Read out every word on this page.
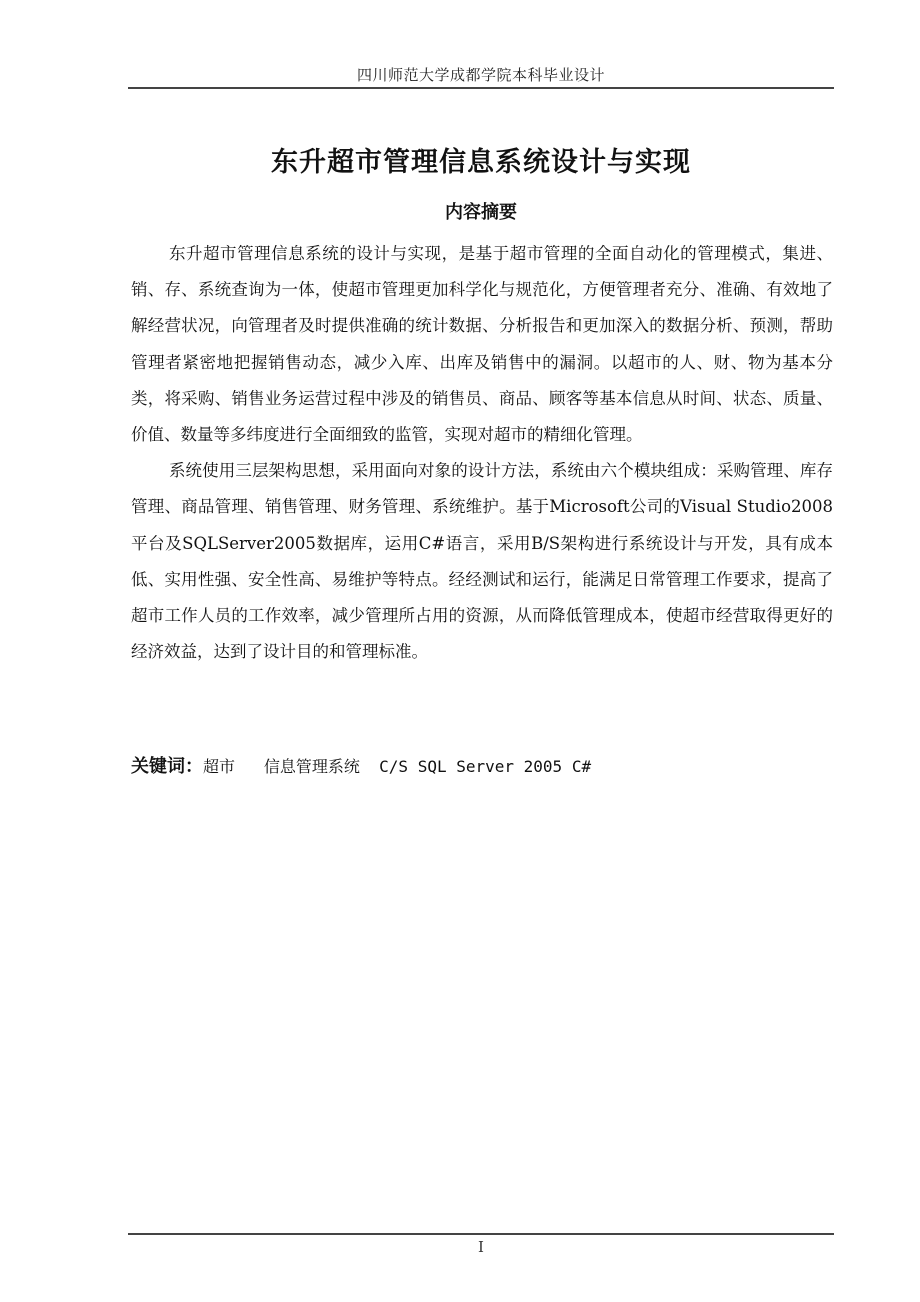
四川师范大学成都学院本科毕业设计
东升超市管理信息系统设计与实现
内容摘要

东升超市管理信息系统的设计与实现，是基于超市管理的全面自动化的管理模式，集进、销、存、系统查询为一体，使超市管理更加科学化与规范化，方便管理者充分、准确、有效地了解经营状况，向管理者及时提供准确的统计数据、分析报告和更加深入的数据分析、预测，帮助管理者紧密地把握销售动态，减少入库、出库及销售中的漏洞。以超市的人、财、物为基本分类，将采购、销售业务运营过程中涉及的销售员、商品、顾客等基本信息从时间、状态、质量、价值、数量等多纬度进行全面细致的监管，实现对超市的精细化管理。

系统使用三层架构思想，采用面向对象的设计方法，系统由六个模块组成：采购管理、库存管理、商品管理、销售管理、财务管理、系统维护。基于Microsoft公司的Visual Studio2008平台及SQLServer2005数据库，运用C#语言，采用B/S架构进行系统设计与开发，具有成本低、实用性强、安全性高、易维护等特点。经经测试和运行，能满足日常管理工作要求，提高了超市工作人员的工作效率，减少管理所占用的资源，从而降低管理成本，使超市经营取得更好的经济效益，达到了设计目的和管理标准。

关键词：超市   信息管理系统  C/S SQL Server 2005 C#
I
